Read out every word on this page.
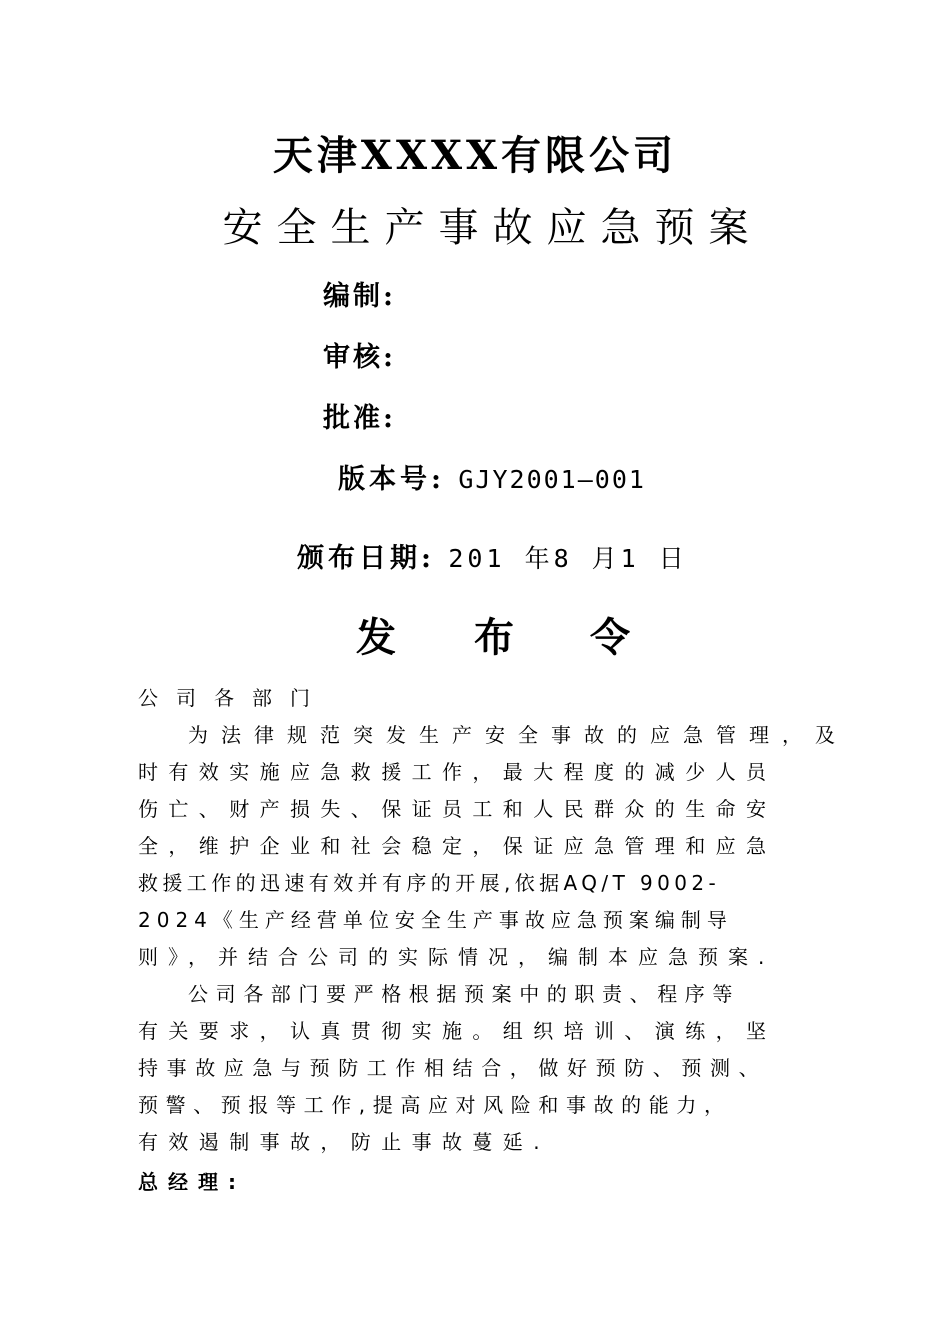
天津XXXX有限公司
安全生产事故应急预案
编制:
审核:
批准:
版本号: GJY2001—001
颁布日期: 201 年8 月1 日
发 布 令
公司各部门
为法律规范突发生产安全事故的应急管理，及
时有效实施应急救援工作，最大程度的减少人员
伤亡、财产损失、保证员工和人民群众的生命安
全，维护企业和社会稳定，保证应急管理和应急
救援工作的迅速有效并有序的开展,依据AQ/T 9002-
2024《生产经营单位安全生产事故应急预案编制导
则》，并结合公司的实际情况，编制本应急预案.
公司各部门要严格根据预案中的职责、程序等
有关要求，认真贯彻实施。组织培训、演练，坚
持事故应急与预防工作相结合，做好预防、预测、
预警、预报等工作,提高应对风险和事故的能力，
有效遏制事故，防止事故蔓延.
总经理:
